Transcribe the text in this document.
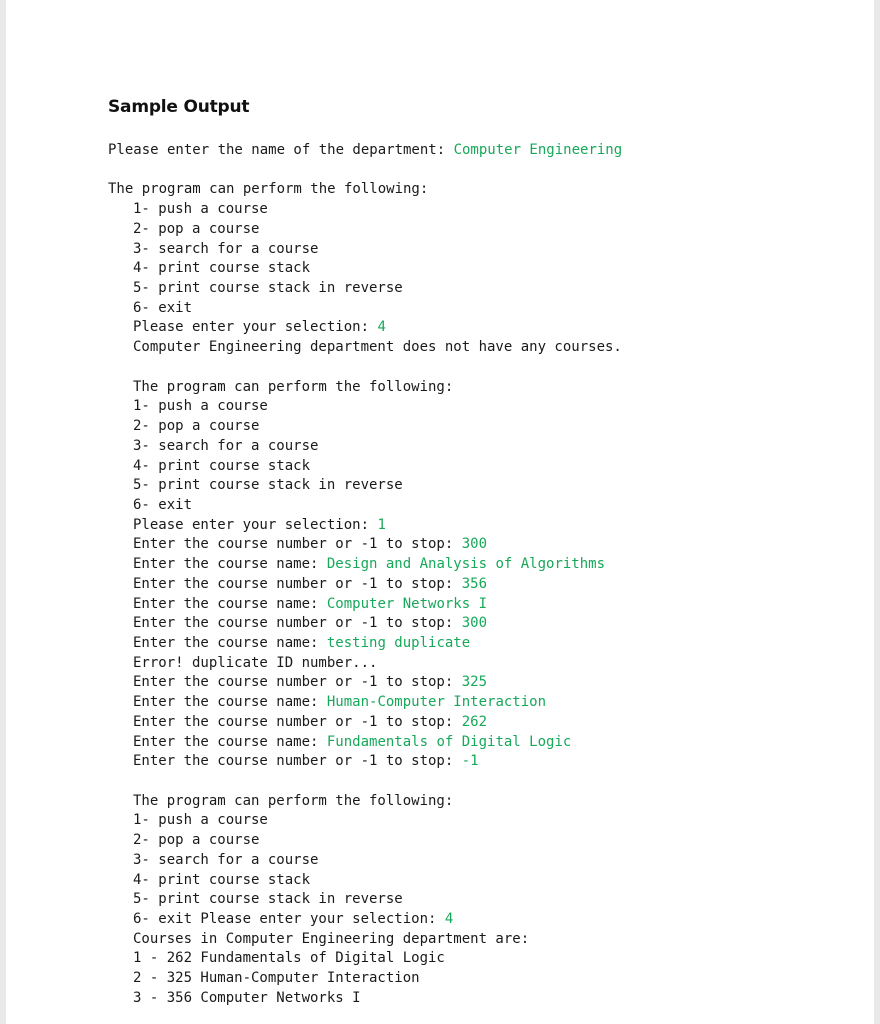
Sample Output
Please enter the name of the department: Computer Engineering
The program can perform the following:
1- push a course
2- pop a course
3- search for a course
4- print course stack
5- print course stack in reverse
6- exit
Please enter your selection: 4
Computer Engineering department does not have any courses.
The program can perform the following:
1- push a course
2- pop a course
3- search for a course
4- print course stack
5- print course stack in reverse
6- exit
Please enter your selection: 1
Enter the course number or -1 to stop: 300
Enter the course name: Design and Analysis of Algorithms
Enter the course number or -1 to stop: 356
Enter the course name: Computer Networks I
Enter the course number or -1 to stop: 300
Enter the course name: testing duplicate
Error! duplicate ID number...
Enter the course number or -1 to stop: 325
Enter the course name: Human-Computer Interaction
Enter the course number or -1 to stop: 262
Enter the course name: Fundamentals of Digital Logic
Enter the course number or -1 to stop: -1
The program can perform the following:
1- push a course
2- pop a course
3- search for a course
4- print course stack
5- print course stack in reverse
6- exit Please enter your selection: 4
Courses in Computer Engineering department are:
1 - 262 Fundamentals of Digital Logic
2 - 325 Human-Computer Interaction
3 - 356 Computer Networks I
